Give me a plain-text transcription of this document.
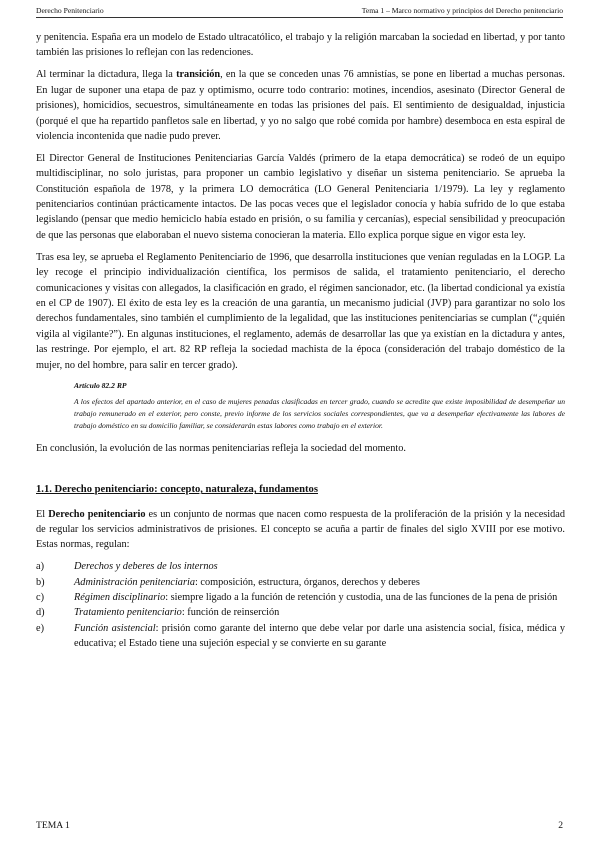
Derecho Penitenciario	Tema 1 – Marco normativo y principios del Derecho penitenciario

y penitencia. España era un modelo de Estado ultracatólico, el trabajo y la religión marcaban la sociedad en libertad, y por tanto también las prisiones lo reflejan con las redenciones.

Al terminar la dictadura, llega la transición, en la que se conceden unas 76 amnistías, se pone en libertad a muchas personas. En lugar de suponer una etapa de paz y optimismo, ocurre todo contrario: motines, incendios, asesinato (Director General de prisiones), homicidios, secuestros, simultáneamente en todas las prisiones del país. El sentimiento de desigualdad, injusticia (porqué el que ha repartido panfletos sale en libertad, y yo no salgo que robé comida por hambre) desemboca en esta espiral de violencia incontenida que nadie pudo prever.

El Director General de Instituciones Penitenciarias García Valdés (primero de la etapa democrática) se rodeó de un equipo multidisciplinar, no solo juristas, para proponer un cambio legislativo y diseñar un sistema penitenciario. Se aprueba la Constitución española de 1978, y la primera LO democrática (LO General Penitenciaria 1/1979). La ley y reglamento penitenciarios continúan prácticamente intactos. De las pocas veces que el legislador conocía y había sufrido de lo que estaba legislando (pensar que medio hemiciclo había estado en prisión, o su familia y cercanías), especial sensibilidad y preocupación de que las personas que elaboraban el nuevo sistema conocieran la materia. Ello explica porque sigue en vigor esta ley.

Tras esa ley, se aprueba el Reglamento Penitenciario de 1996, que desarrolla instituciones que venían reguladas en la LOGP. La ley recoge el principio individualización científica, los permisos de salida, el tratamiento penitenciario, el derecho comunicaciones y visitas con allegados, la clasificación en grado, el régimen sancionador, etc. (la libertad condicional ya existía en el CP de 1907). El éxito de esta ley es la creación de una garantía, un mecanismo judicial (JVP) para garantizar no solo los derechos fundamentales, sino también el cumplimiento de la legalidad, que las instituciones penitenciarias se cumplan (“¿quién vigila al vigilante?”). En algunas instituciones, el reglamento, además de desarrollar las que ya existían en la dictadura y antes, las restringe. Por ejemplo, el art. 82 RP refleja la sociedad machista de la época (consideración del trabajo doméstico de la mujer, no del hombre, para salir en tercer grado).

Artículo 82.2 RP

A los efectos del apartado anterior, en el caso de mujeres penadas clasificadas en tercer grado, cuando se acredite que existe imposibilidad de desempeñar un trabajo remunerado en el exterior, pero conste, previo informe de los servicios sociales correspondientes, que va a desempeñar efectivamente las labores de trabajo doméstico en su domicilio familiar, se considerarán estas labores como trabajo en el exterior.

En conclusión, la evolución de las normas penitenciarias refleja la sociedad del momento.

1.1. Derecho penitenciario: concepto, naturaleza, fundamentos

El Derecho penitenciario es un conjunto de normas que nacen como respuesta de la proliferación de la prisión y la necesidad de regular los servicios administrativos de prisiones. El concepto se acuña a partir de finales del siglo XVIII por ese motivo. Estas normas, regulan:

a)	Derechos y deberes de los internos
b)	Administración penitenciaria: composición, estructura, órganos, derechos y deberes
c)	Régimen disciplinario: siempre ligado a la función de retención y custodia, una de las funciones de la pena de prisión
d)	Tratamiento penitenciario: función de reinserción
e)	Función asistencial: prisión como garante del interno que debe velar por darle una asistencia social, física, médica y educativa; el Estado tiene una sujeción especial y se convierte en su garante
TEMA 1	2
